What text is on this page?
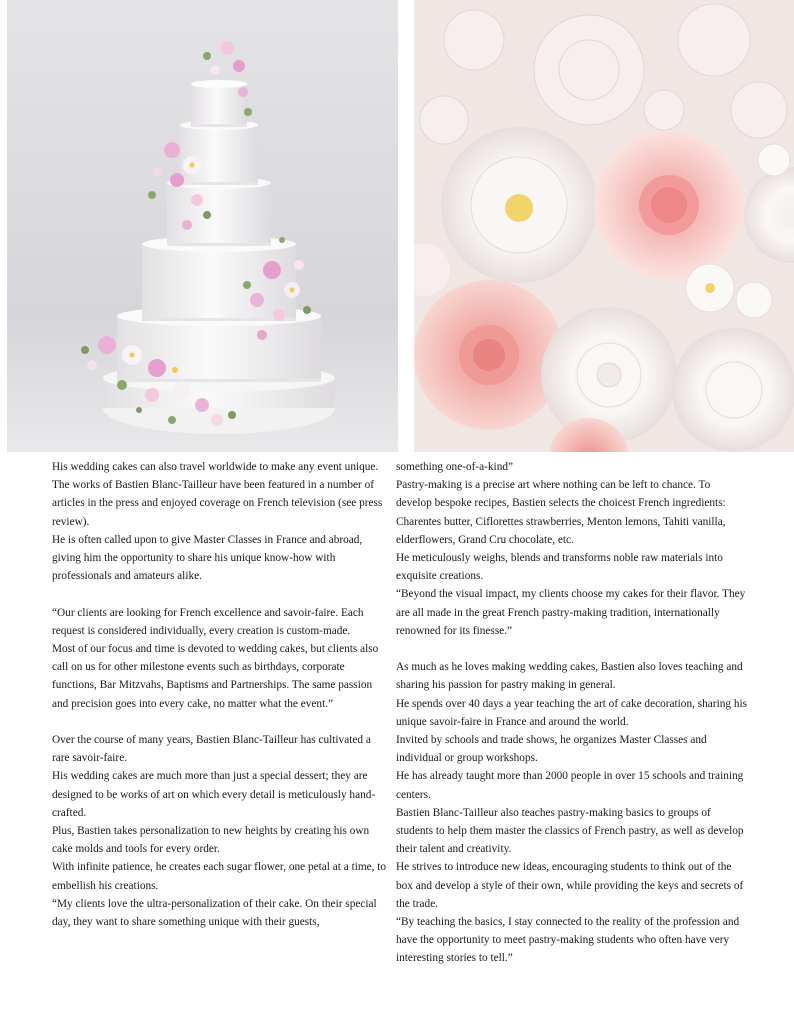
His wedding cakes can also travel worldwide to make any event unique.

The works of Bastien Blanc-Tailleur have been featured in a number of articles in the press and enjoyed coverage on French television (see press review).

He is often called upon to give Master Classes in France and abroad, giving him the opportunity to share his unique know-how with professionals and amateurs alike.

“Our clients are looking for French excellence and savoir-faire. Each request is considered individually, every creation is custom-made.

Most of our focus and time is devoted to wedding cakes, but clients also call on us for other milestone events such as birthdays, corporate functions, Bar Mitzvahs, Baptisms and Partnerships. The same passion and precision goes into every cake, no matter what the event.”

Over the course of many years, Bastien Blanc-Tailleur has cultivated a rare savoir-faire.

His wedding cakes are much more than just a special dessert; they are designed to be works of art on which every detail is meticulously hand-crafted.

Plus, Bastien takes personalization to new heights by creating his own cake molds and tools for every order.

With infinite patience, he creates each sugar flower, one petal at a time, to embellish his creations.

“My clients love the ultra-personalization of their cake. On their special day, they want to share something unique with their guests,

something one-of-a-kind”

Pastry-making is a precise art where nothing can be left to chance. To develop bespoke recipes, Bastien selects the choicest French ingredients: Charentes butter, Ciflorettes strawberries, Menton lemons, Tahiti vanilla, elderflowers, Grand Cru chocolate, etc.

He meticulously weighs, blends and transforms noble raw materials into exquisite creations.

“Beyond the visual impact, my clients choose my cakes for their flavor. They are all made in the great French pastry-making tradition, internationally renowned for its finesse.”

As much as he loves making wedding cakes, Bastien also loves teaching and sharing his passion for pastry making in general.

He spends over 40 days a year teaching the art of cake decoration, sharing his unique savoir-faire in France and around the world.

Invited by schools and trade shows, he organizes Master Classes and individual or group workshops.

He has already taught more than 2000 people in over 15 schools and training centers.

Bastien Blanc-Tailleur also teaches pastry-making basics to groups of students to help them master the classics of French pastry, as well as develop their talent and creativity.

He strives to introduce new ideas, encouraging students to think out of the box and develop a style of their own, while providing the keys and secrets of the trade.

“By teaching the basics, I stay connected to the reality of the profession and have the opportunity to meet pastry-making students who often have very interesting stories to tell.”
